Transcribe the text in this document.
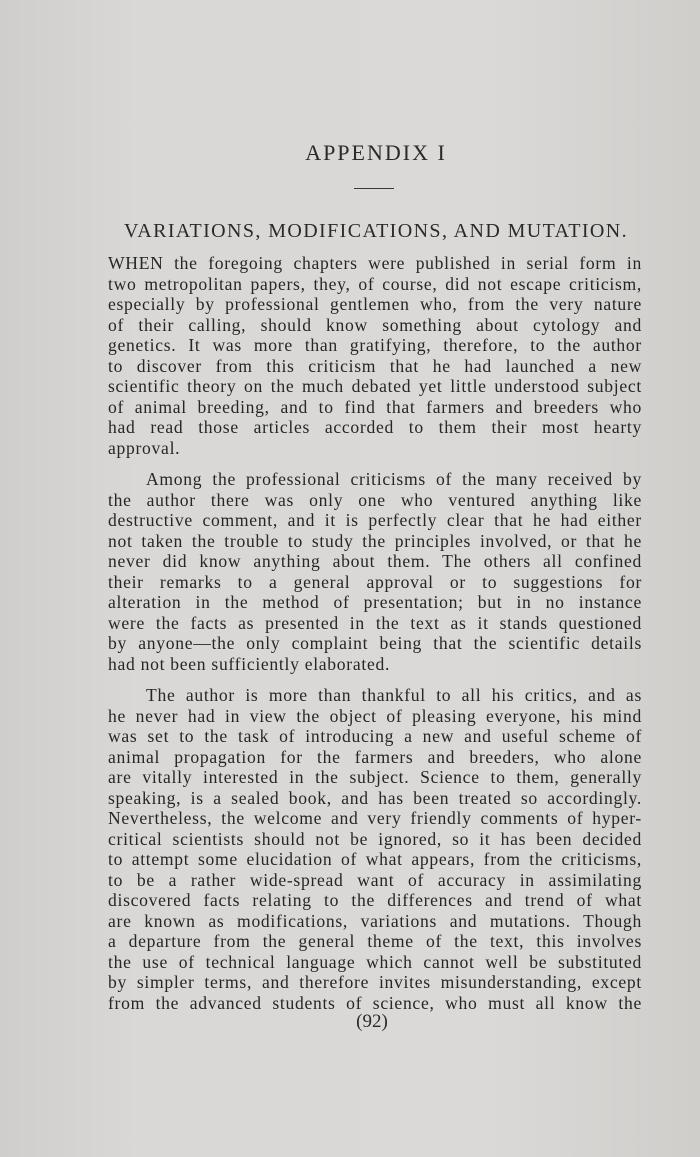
APPENDIX I
VARIATIONS, MODIFICATIONS, AND MUTATION.

WHEN the foregoing chapters were published in serial form in
two metropolitan papers, they, of course, did not escape criticism,
especially by professional gentlemen who, from the very nature
of their calling, should know something about cytology and
genetics. It was more than gratifying, therefore, to the author
to discover from this criticism that he had launched a new
scientific theory on the much debated yet little understood subject
of animal breeding, and to find that farmers and breeders who
had read those articles accorded to them their most hearty
approval.

Among the professional criticisms of the many received by
the author there was only one who ventured anything like
destructive comment, and it is perfectly clear that he had either
not taken the trouble to study the principles involved, or that he
never did know anything about them. The others all confined
their remarks to a general approval or to suggestions for
alteration in the method of presentation; but in no instance
were the facts as presented in the text as it stands questioned
by anyone—the only complaint being that the scientific details
had not been sufficiently elaborated.

The author is more than thankful to all his critics, and as
he never had in view the object of pleasing everyone, his mind
was set to the task of introducing a new and useful scheme of
animal propagation for the farmers and breeders, who alone
are vitally interested in the subject. Science to them, generally
speaking, is a sealed book, and has been treated so accordingly.
Nevertheless, the welcome and very friendly comments of hyper-
critical scientists should not be ignored, so it has been decided
to attempt some elucidation of what appears, from the criticisms,
to be a rather wide-spread want of accuracy in assimilating
discovered facts relating to the differences and trend of what
are known as modifications, variations and mutations. Though
a departure from the general theme of the text, this involves
the use of technical language which cannot well be substituted
by simpler terms, and therefore invites misunderstanding, except
from the advanced students of science, who must all know the

(92)
